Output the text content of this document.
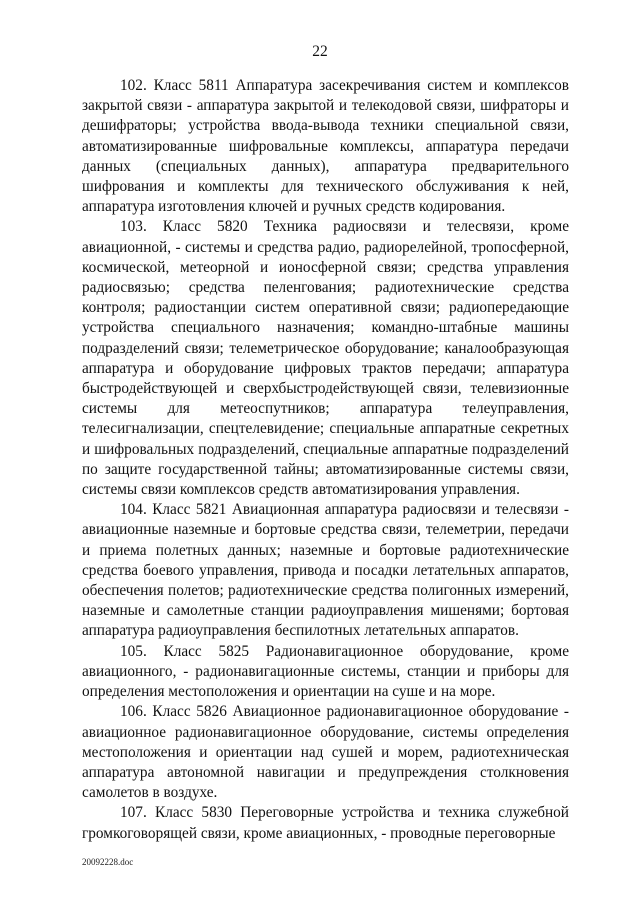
22

102. Класс 5811 Аппаратура засекречивания систем и комплексов закрытой связи - аппаратура закрытой и телекодовой связи, шифраторы и дешифраторы; устройства ввода-вывода техники специальной связи, автоматизированные шифровальные комплексы, аппаратура передачи данных (специальных данных), аппаратура предварительного шифрования и комплекты для технического обслуживания к ней, аппаратура изготовления ключей и ручных средств кодирования.

103. Класс 5820 Техника радиосвязи и телесвязи, кроме авиационной, - системы и средства радио, радиорелейной, тропосферной, космической, метеорной и ионосферной связи; средства управления радиосвязью; средства пеленгования; радиотехнические средства контроля; радиостанции систем оперативной связи; радиопередающие устройства специального назначения; командно-штабные машины подразделений связи; телеметрическое оборудование; каналообразующая аппаратура и оборудование цифровых трактов передачи; аппаратура быстродействующей и сверхбыстродействующей связи, телевизионные системы для метеоспутников; аппаратура телеуправления, телесигнализации, спецтелевидение; специальные аппаратные секретных и шифровальных подразделений, специальные аппаратные подразделений по защите государственной тайны; автоматизированные системы связи, системы связи комплексов средств автоматизирования управления.

104. Класс 5821 Авиационная аппаратура радиосвязи и телесвязи - авиационные наземные и бортовые средства связи, телеметрии, передачи и приема полетных данных; наземные и бортовые радиотехнические средства боевого управления, привода и посадки летательных аппаратов, обеспечения полетов; радиотехнические средства полигонных измерений, наземные и самолетные станции радиоуправления мишенями; бортовая аппаратура радиоуправления беспилотных летательных аппаратов.

105. Класс 5825 Радионавигационное оборудование, кроме авиационного, - радионавигационные системы, станции и приборы для определения местоположения и ориентации на суше и на море.

106. Класс 5826 Авиационное радионавигационное оборудование - авиационное радионавигационное оборудование, системы определения местоположения и ориентации над сушей и морем, радиотехническая аппаратура автономной навигации и предупреждения столкновения самолетов в воздухе.

107. Класс 5830 Переговорные устройства и техника служебной громкоговорящей связи, кроме авиационных, - проводные переговорные

20092228.doc
